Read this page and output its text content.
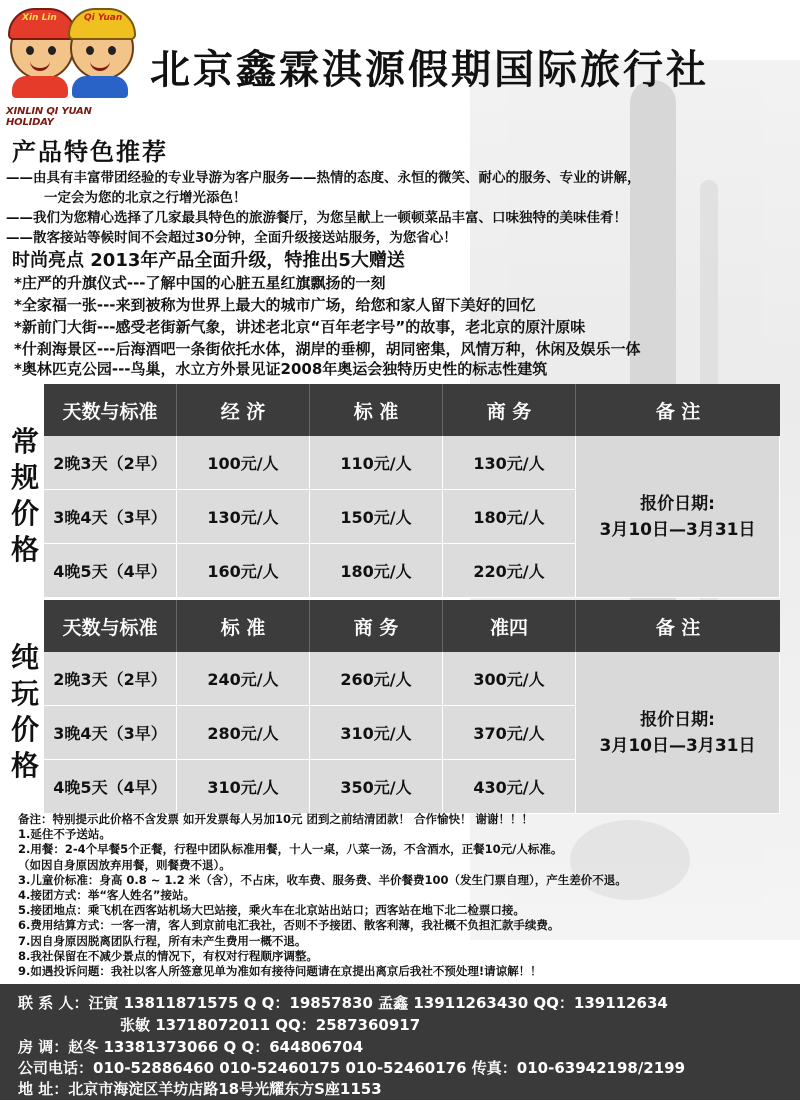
Xin Lin	Qi Yuan
XINLIN QI YUAN HOLIDAY
北京鑫霖淇源假期国际旅行社
产品特色推荐
——由具有丰富带团经验的专业导游为客户服务——热情的态度、永恒的微笑、耐心的服务、专业的讲解，
一定会为您的北京之行增光添色！
——我们为您精心选择了几家最具特色的旅游餐厅，为您呈献上一顿顿菜品丰富、口味独特的美味佳肴！
——散客接站等候时间不会超过30分钟，全面升级接送站服务，为您省心！
时尚亮点 2013年产品全面升级，特推出5大赠送
*庄严的升旗仪式---了解中国的心脏五星红旗飘扬的一刻
*全家福一张---来到被称为世界上最大的城市广场，给您和家人留下美好的回忆
*新前门大街---感受老街新气象，讲述老北京“百年老字号”的故事，老北京的原汁原味
*什刹海景区---后海酒吧一条街依托水体，湖岸的垂柳，胡同密集，风情万种，休闲及娱乐一体
*奥林匹克公园---鸟巢，水立方外景见证2008年奥运会独特历史性的标志性建筑
常规价格
天数与标准	经 济	标 准	商 务	备 注
2晚3天（2早）	100元/人	110元/人	130元/人	报价日期:
3月10日—3月31日

3晚4天（3早）	130元/人	150元/人	180元/人	
4晚5天（4早）	160元/人	180元/人	220元/人	
纯玩价格
天数与标准	标 准	商 务	准四	备 注
2晚3天（2早）	240元/人	260元/人	300元/人	报价日期:
3月10日—3月31日

3晚4天（3早）	280元/人	310元/人	370元/人	
4晚5天（4早）	310元/人	350元/人	430元/人	
备注：特别提示此价格不含发票 如开发票每人另加10元 团到之前结清团款！ 合作愉快！ 谢谢！！！
1.延住不予送站。
2.用餐：2-4个早餐5个正餐，行程中团队标准用餐，十人一桌，八菜一汤，不含酒水，正餐10元/人标准。
（如因自身原因放弃用餐，则餐费不退）。
3.儿童价标准：身高 0.8 ~ 1.2 米（含），不占床，收车费、服务费、半价餐费100（发生门票自理），产生差价不退。
4.接团方式：举“客人姓名”接站。
5.接团地点：乘飞机在西客站机场大巴站接，乘火车在北京站出站口；西客站在地下北二检票口接。
6.费用结算方式：一客一清，客人到京前电汇我社，否则不予接团、散客利薄，我社概不负担汇款手续费。
7.因自身原因脱离团队行程，所有未产生费用一概不退。
8.我社保留在不减少景点的情况下，有权对行程顺序调整。
9.如遇投诉问题：我社以客人所签意见单为准如有接待问题请在京提出离京后我社不预处理!请谅解！！
联 系 人：汪寅 13811871575 Q Q：19857830 孟鑫 13911263430 QQ：139112634
张敏 13718072011 QQ：2587360917
房 调：赵冬 13381373066 Q Q：644806704
公司电话：010-52886460 010-52460175 010-52460176 传真：010-63942198/2199
地 址：北京市海淀区羊坊店路18号光耀东方S座1153
